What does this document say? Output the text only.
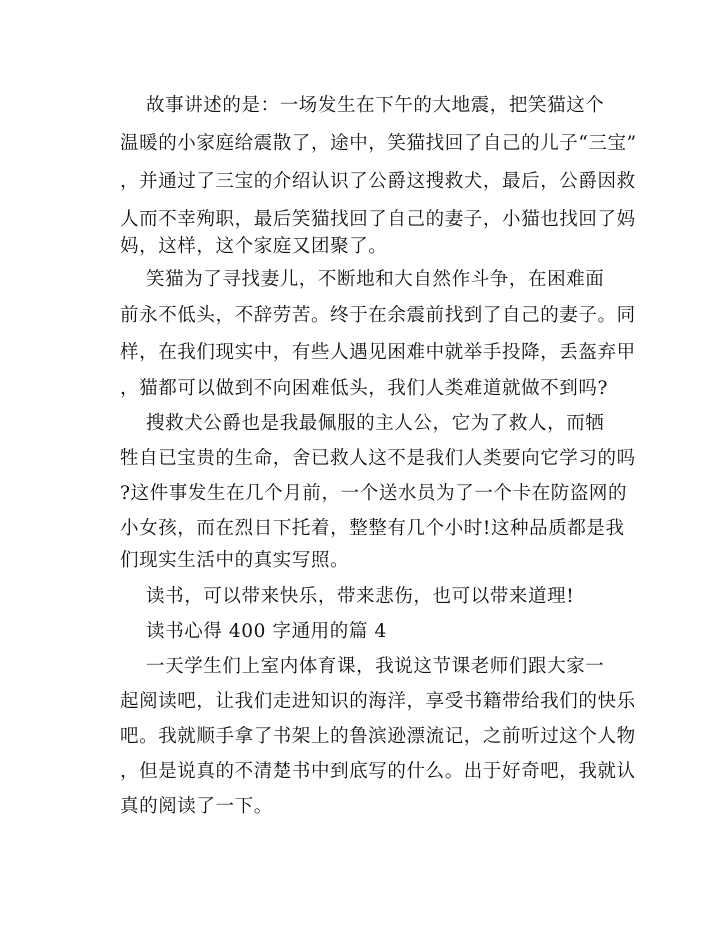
故事讲述的是：一场发生在下午的大地震，把笑猫这个
温暖的小家庭给震散了，途中，笑猫找回了自己的儿子“三宝”
，并通过了三宝的介绍认识了公爵这搜救犬，最后，公爵因救
人而不幸殉职，最后笑猫找回了自己的妻子，小猫也找回了妈
妈，这样，这个家庭又团聚了。
笑猫为了寻找妻儿，不断地和大自然作斗争，在困难面
前永不低头，不辞劳苦。终于在余震前找到了自己的妻子。同
样，在我们现实中，有些人遇见困难中就举手投降，丢盔弃甲
，猫都可以做到不向困难低头，我们人类难道就做不到吗?
搜救犬公爵也是我最佩服的主人公，它为了救人，而牺
牲自已宝贵的生命，舍已救人这不是我们人类要向它学习的吗
?这件事发生在几个月前，一个送水员为了一个卡在防盗网的
小女孩，而在烈日下托着，整整有几个小时!这种品质都是我
们现实生活中的真实写照。
读书，可以带来快乐，带来悲伤，也可以带来道理!
读书心得 400 字通用的篇 4
一天学生们上室内体育课，我说这节课老师们跟大家一
起阅读吧，让我们走进知识的海洋，享受书籍带给我们的快乐
吧。我就顺手拿了书架上的鲁滨逊漂流记，之前听过这个人物
，但是说真的不清楚书中到底写的什么。出于好奇吧，我就认
真的阅读了一下。
